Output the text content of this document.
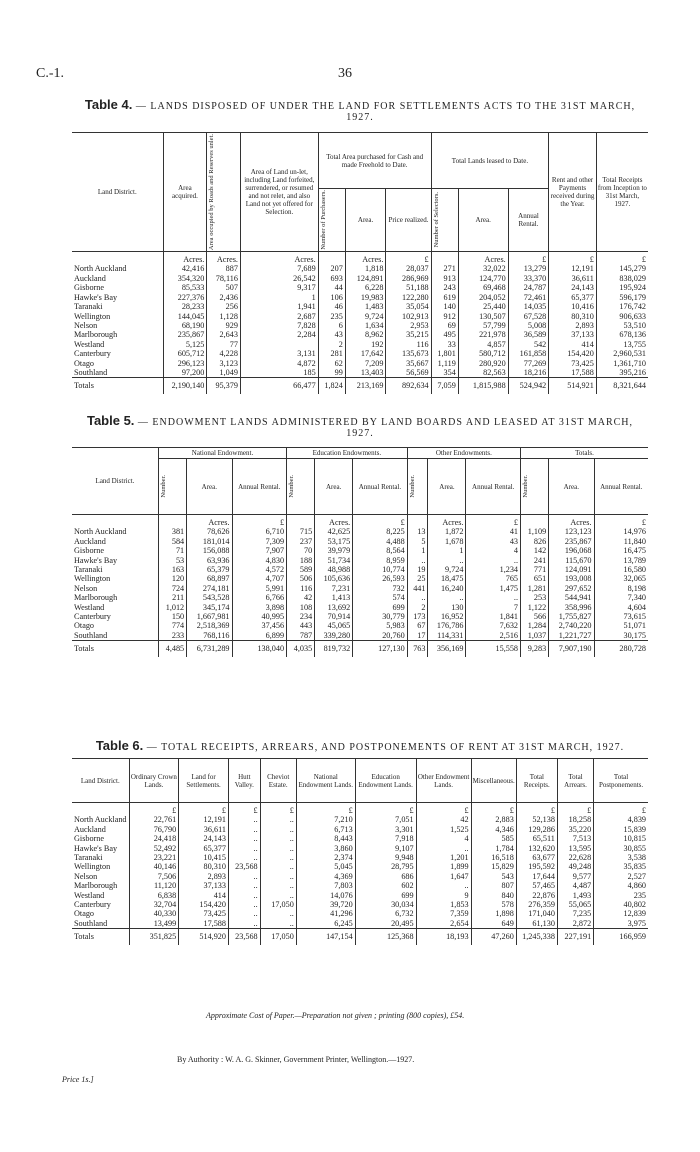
C.-1.	36
Table 4. — LANDS DISPOSED OF UNDER THE LAND FOR SETTLEMENTS ACTS TO THE 31ST MARCH, 1927.
Land District.	Area acquired.	Area occupied by Roads and Reserves unlet.	Area of Land un-let, including Land forfeited, surrendered, or resumed and not relet, and also Land not yet offered for Selection.	Total Area purchased for Cash and made Freehold to Date.			Total Lands leased to Date.			Rent and other Payments received during the Year.	Total Receipts from Inception to 31st March, 1927.

				Number of Purchasers.	Area.	Price realized.	Number of Selectors.	Area.	Annual Rental.		
	Acres.	Acres.	Acres.		Acres.	£		Acres.	£	£	£
North Auckland	42,416	887	7,689	207	1,818	28,037	271	32,022	13,279	12,191	145,279
Auckland	354,320	78,116	26,542	693	124,891	286,969	913	124,770	33,370	36,611	838,029
Gisborne	85,533	507	9,317	44	6,228	51,188	243	69,468	24,787	24,143	195,924
Hawke's Bay	227,376	2,436	1	106	19,983	122,280	619	204,052	72,461	65,377	596,179
Taranaki	28,233	256	1,941	46	1,483	35,054	140	25,440	14,035	10,416	176,742
Wellington	144,045	1,128	2,687	235	9,724	102,913	912	130,507	67,528	80,310	906,633
Nelson	68,190	929	7,828	6	1,634	2,953	69	57,799	5,008	2,893	53,510
Marlborough	235,867	2,643	2,284	43	8,962	35,215	495	221,978	36,589	37,133	678,136
Westland	5,125	77		2	192	116	33	4,857	542	414	13,755
Canterbury	605,712	4,228	3,131	281	17,642	135,673	1,801	580,712	161,858	154,420	2,960,531
Otago	296,123	3,123	4,872	62	7,209	35,667	1,119	280,920	77,269	73,425	1,361,710
Southland	97,200	1,049	185	99	13,403	56,569	354	82,563	18,216	17,588	395,216
Totals	2,190,140	95,379	66,477	1,824	213,169	892,634	7,059	1,815,988	524,942	514,921	8,321,644
Table 5. — ENDOWMENT LANDS ADMINISTERED BY LAND BOARDS AND LEASED AT 31ST MARCH, 1927.
Land District.	National Endowment.			Education Endowments.			Other Endowments.			Totals.		

	Number.	Area.	Annual Rental.	Number.	Area.	Annual Rental.	Number.	Area.	Annual Rental.	Number.	Area.	Annual Rental.
		Acres.	£		Acres.	£		Acres.	£		Acres.	£
North Auckland	381	78,626	6,710	715	42,625	8,225	13	1,872	41	1,109	123,123	14,976
Auckland	584	181,014	7,309	237	53,175	4,488	5	1,678	43	826	235,867	11,840
Gisborne	71	156,088	7,907	70	39,979	8,564	1	1	4	142	196,068	16,475
Hawke's Bay	53	63,936	4,830	188	51,734	8,959	..	..	..	241	115,670	13,789
Taranaki	163	65,379	4,572	589	48,988	10,774	19	9,724	1,234	771	124,091	16,580
Wellington	120	68,897	4,707	506	105,636	26,593	25	18,475	765	651	193,008	32,065
Nelson	724	274,181	5,991	116	7,231	732	441	16,240	1,475	1,281	297,652	8,198
Marlborough	211	543,528	6,766	42	1,413	574	..	..	..	253	544,941	7,340
Westland	1,012	345,174	3,898	108	13,692	699	2	130	7	1,122	358,996	4,604
Canterbury	150	1,667,981	40,995	234	70,914	30,779	173	16,952	1,841	566	1,755,827	73,615
Otago	774	2,518,369	37,456	443	45,065	5,983	67	176,786	7,632	1,284	2,740,220	51,071
Southland	233	768,116	6,899	787	339,280	20,760	17	114,331	2,516	1,037	1,221,727	30,175
Totals	4,485	6,731,289	138,040	4,035	819,732	127,130	763	356,169	15,558	9,283	7,907,190	280,728
Table 6. — TOTAL RECEIPTS, ARREARS, AND POSTPONEMENTS OF RENT AT 31ST MARCH, 1927.
Land District.	Ordinary Crown Lands.	Land for Settlements.	Hutt Valley.	Cheviot Estate.	National Endowment Lands.	Education Endowment Lands.	Other Endowment Lands.	Miscellaneous.	Total Receipts.	Total Arrears.	Total Postponements.
	£	£	£	£	£	£	£	£	£	£	£
North Auckland	22,761	12,191	..	..	7,210	7,051	42	2,883	52,138	18,258	4,839
Auckland	76,790	36,611	..	..	6,713	3,301	1,525	4,346	129,286	35,220	15,839
Gisborne	24,418	24,143	..	..	8,443	7,918	4	585	65,511	7,513	10,815
Hawke's Bay	52,492	65,377	..	..	3,860	9,107	..	1,784	132,620	13,595	30,855
Taranaki	23,221	10,415	..	..	2,374	9,948	1,201	16,518	63,677	22,628	3,538
Wellington	40,146	80,310	23,568	..	5,045	28,795	1,899	15,829	195,592	49,248	35,835
Nelson	7,506	2,893	..	..	4,369	686	1,647	543	17,644	9,577	2,527
Marlborough	11,120	37,133	..	..	7,803	602	..	807	57,465	4,487	4,860
Westland	6,838	414	..	..	14,076	699	9	840	22,876	1,493	235
Canterbury	32,704	154,420	..	17,050	39,720	30,034	1,853	578	276,359	55,065	40,802
Otago	40,330	73,425	..	..	41,296	6,732	7,359	1,898	171,040	7,235	12,839
Southland	13,499	17,588	..	..	6,245	20,495	2,654	649	61,130	2,872	3,975
Totals	351,825	514,920	23,568	17,050	147,154	125,368	18,193	47,260	1,245,338	227,191	166,959
Approximate Cost of Paper.—Preparation not given ; printing (800 copies), £54.
By Authority : W. A. G. Skinner, Government Printer, Wellington.—1927.
Price 1s.]
